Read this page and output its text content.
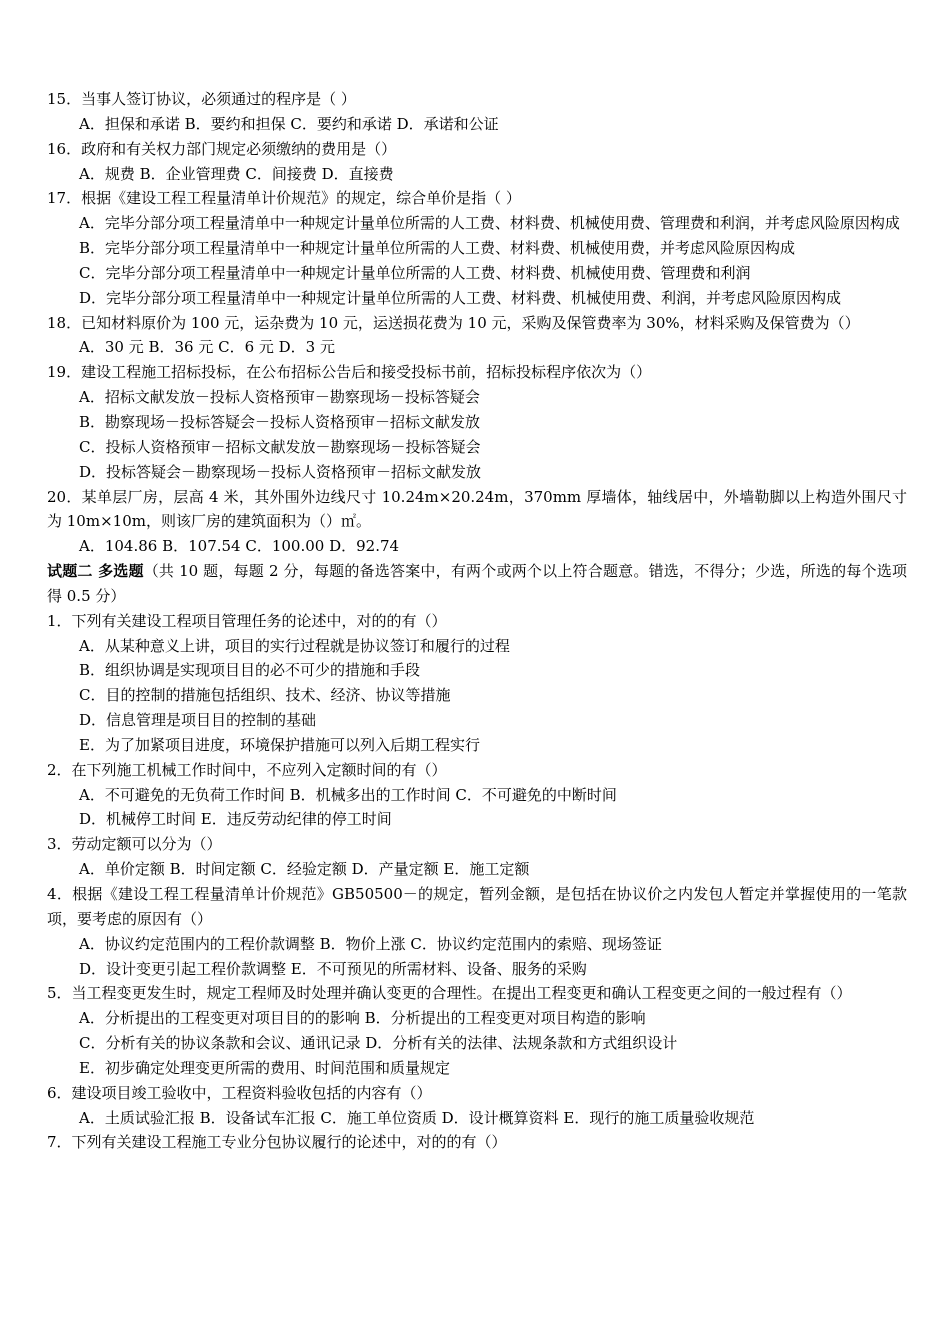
15．当事人签订协议，必须通过的程序是（ ）
A．担保和承诺 B．要约和担保 C．要约和承诺 D．承诺和公证
16．政府和有关权力部门规定必须缴纳的费用是（）
A．规费 B．企业管理费 C．间接费 D．直接费
17．根据《建设工程工程量清单计价规范》的规定，综合单价是指（ ）
A．完毕分部分项工程量清单中一种规定计量单位所需的人工费、材料费、机械使用费、管理费和利润，并考虑风险原因构成
B．完毕分部分项工程量清单中一种规定计量单位所需的人工费、材料费、机械使用费，并考虑风险原因构成
C．完毕分部分项工程量清单中一种规定计量单位所需的人工费、材料费、机械使用费、管理费和利润
D．完毕分部分项工程量清单中一种规定计量单位所需的人工费、材料费、机械使用费、利润，并考虑风险原因构成
18．已知材料原价为 100 元，运杂费为 10 元，运送损花费为 10 元，采购及保管费率为 30%，材料采购及保管费为（）
A．30 元 B．36 元 C．6 元 D．3 元
19．建设工程施工招标投标，在公布招标公告后和接受投标书前，招标投标程序依次为（）
A．招标文献发放－投标人资格预审－勘察现场－投标答疑会
B．勘察现场－投标答疑会－投标人资格预审－招标文献发放
C．投标人资格预审－招标文献发放－勘察现场－投标答疑会
D．投标答疑会－勘察现场－投标人资格预审－招标文献发放
20．某单层厂房，层高 4 米，其外围外边线尺寸 10.24m×20.24m，370mm 厚墙体，轴线居中，外墙勒脚以上构造外围尺寸为 10m×10m，则该厂房的建筑面积为（）㎡。
A．104.86 B．107.54 C．100.00 D．92.74
试题二 多选题（共 10 题，每题 2 分，每题的备选答案中，有两个或两个以上符合题意。错选，不得分；少选，所选的每个选项得 0.5 分）
1．下列有关建设工程项目管理任务的论述中，对的的有（）
A．从某种意义上讲，项目的实行过程就是协议签订和履行的过程
B．组织协调是实现项目目的必不可少的措施和手段
C．目的控制的措施包括组织、技术、经济、协议等措施
D．信息管理是项目目的控制的基础
E．为了加紧项目进度，环境保护措施可以列入后期工程实行
2．在下列施工机械工作时间中，不应列入定额时间的有（）
A．不可避免的无负荷工作时间 B．机械多出的工作时间 C．不可避免的中断时间
D．机械停工时间 E．违反劳动纪律的停工时间
3．劳动定额可以分为（）
A．单价定额 B．时间定额 C．经验定额 D．产量定额 E．施工定额
4．根据《建设工程工程量清单计价规范》GB50500－的规定，暂列金额，是包括在协议价之内发包人暂定并掌握使用的一笔款项，要考虑的原因有（）
A．协议约定范围内的工程价款调整 B．物价上涨 C．协议约定范围内的索赔、现场签证
D．设计变更引起工程价款调整 E．不可预见的所需材料、设备、服务的采购
5．当工程变更发生时，规定工程师及时处理并确认变更的合理性。在提出工程变更和确认工程变更之间的一般过程有（）
A．分析提出的工程变更对项目目的的影响 B．分析提出的工程变更对项目构造的影响
C．分析有关的协议条款和会议、通讯记录 D．分析有关的法律、法规条款和方式组织设计
E．初步确定处理变更所需的费用、时间范围和质量规定
6．建设项目竣工验收中，工程资料验收包括的内容有（）
A．土质试验汇报 B．设备试车汇报 C．施工单位资质 D．设计概算资料 E．现行的施工质量验收规范
7．下列有关建设工程施工专业分包协议履行的论述中，对的的有（）
